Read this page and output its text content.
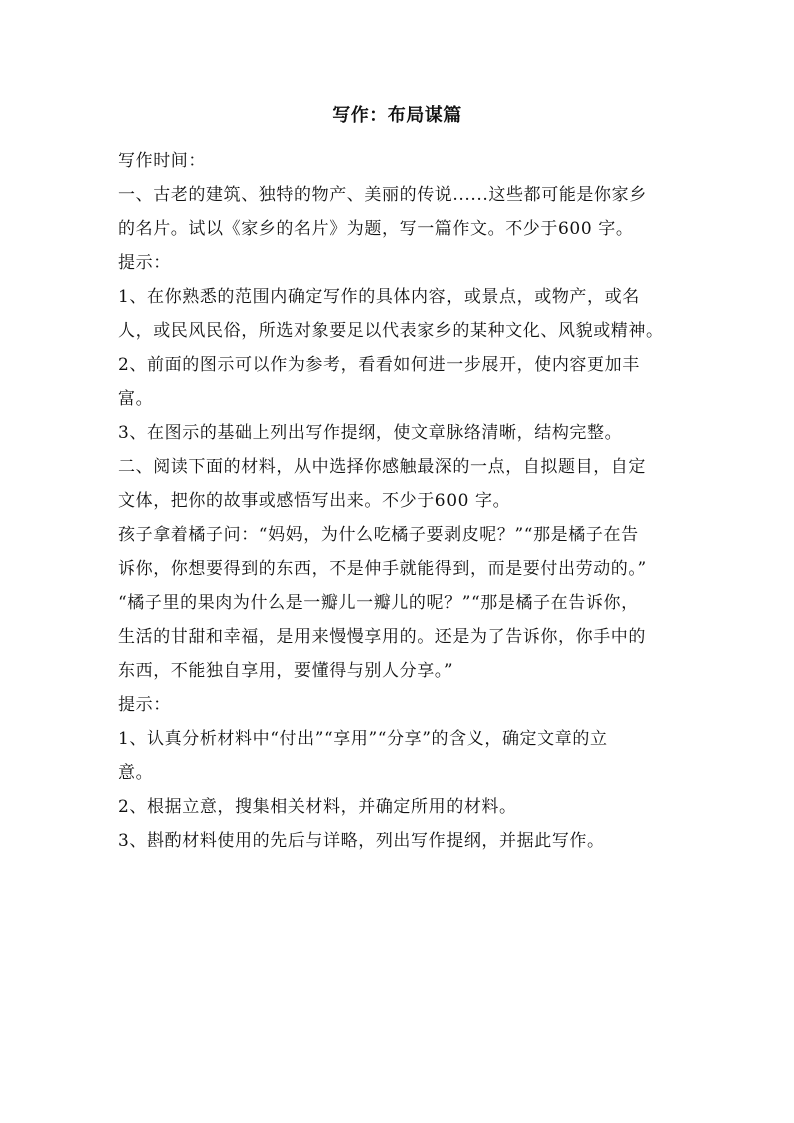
写作：布局谋篇

写作时间：

一、古老的建筑、独特的物产、美丽的传说......这些都可能是你家乡

的名片。试以《家乡的名片》为题，写一篇作文。不少于600 字。

提示：

1、在你熟悉的范围内确定写作的具体内容，或景点，或物产，或名

人，或民风民俗，所选对象要足以代表家乡的某种文化、风貌或精神。

2、前面的图示可以作为参考，看看如何进一步展开，使内容更加丰

富。

3、在图示的基础上列出写作提纲，使文章脉络清晰，结构完整。

二、阅读下面的材料，从中选择你感触最深的一点，自拟题目，自定

文体，把你的故事或感悟写出来。不少于600 字。

孩子拿着橘子问：“妈妈，为什么吃橘子要剥皮呢？”“那是橘子在告

诉你，你想要得到的东西，不是伸手就能得到，而是要付出劳动的。”

“橘子里的果肉为什么是一瓣儿一瓣儿的呢？”“那是橘子在告诉你，

生活的甘甜和幸福，是用来慢慢享用的。还是为了告诉你，你手中的

东西，不能独自享用，要懂得与别人分享。”

提示：

1、认真分析材料中“付出”“享用”“分享”的含义，确定文章的立

意。

2、根据立意，搜集相关材料，并确定所用的材料。

3、斟酌材料使用的先后与详略，列出写作提纲，并据此写作。
